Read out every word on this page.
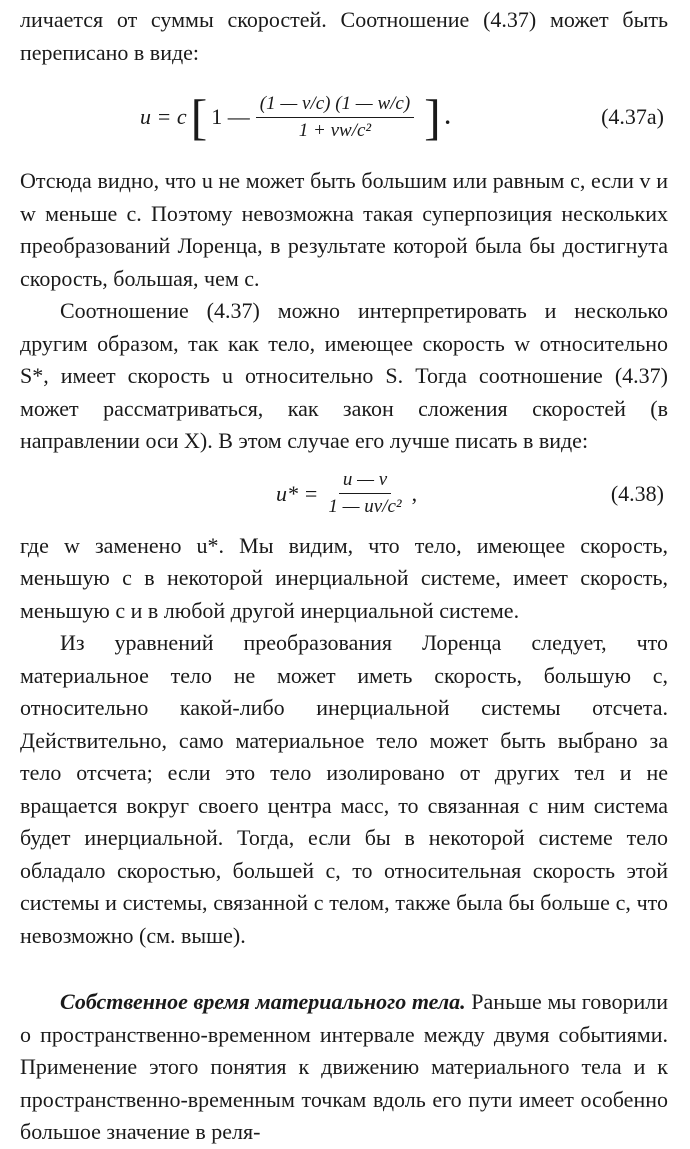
личается от суммы скоростей. Соотношение (4.37) может быть переписано в виде:

u = c [ 1 — $\frac{(1 — v/c) (1 — w/c)}{\text{1 + vw/c²}}$ ] .	(4.37a)

Отсюда видно, что u не может быть большим или равным c, если v и w меньше c. Поэтому невозможна такая суперпозиция нескольких преобразований Лоренца, в результате которой была бы достигнута скорость, большая, чем c.

Соотношение (4.37) можно интерпретировать и несколько другим образом, так как тело, имеющее скорость w относительно S*, имеет скорость u относительно S. Тогда соотношение (4.37) может рассматриваться, как закон сложения скоростей (в направлении оси X). В этом случае его лучше писать в виде:

$u* = \frac{u — v}{\text{1 — uv/c²}}$ ,	(4.38)

где w заменено u*. Мы видим, что тело, имеющее скорость, меньшую c в некоторой инерциальной системе, имеет скорость, меньшую c и в любой другой инерциальной системе.

Из уравнений преобразования Лоренца следует, что материальное тело не может иметь скорость, большую c, относительно какой-либо инерциальной системы отсчета. Действительно, само материальное тело может быть выбрано за тело отсчета; если это тело изолировано от других тел и не вращается вокруг своего центра масс, то связанная с ним система будет инерциальной. Тогда, если бы в некоторой системе тело обладало скоростью, большей c, то относительная скорость этой системы и системы, связанной с телом, также была бы больше c, что невозможно (см. выше).

Собственное время материального тела. Раньше мы говорили о пространственно-временном интервале между двумя событиями. Применение этого понятия к движению материального тела и к пространственно-временным точкам вдоль его пути имеет особенно большое значение в реля-
